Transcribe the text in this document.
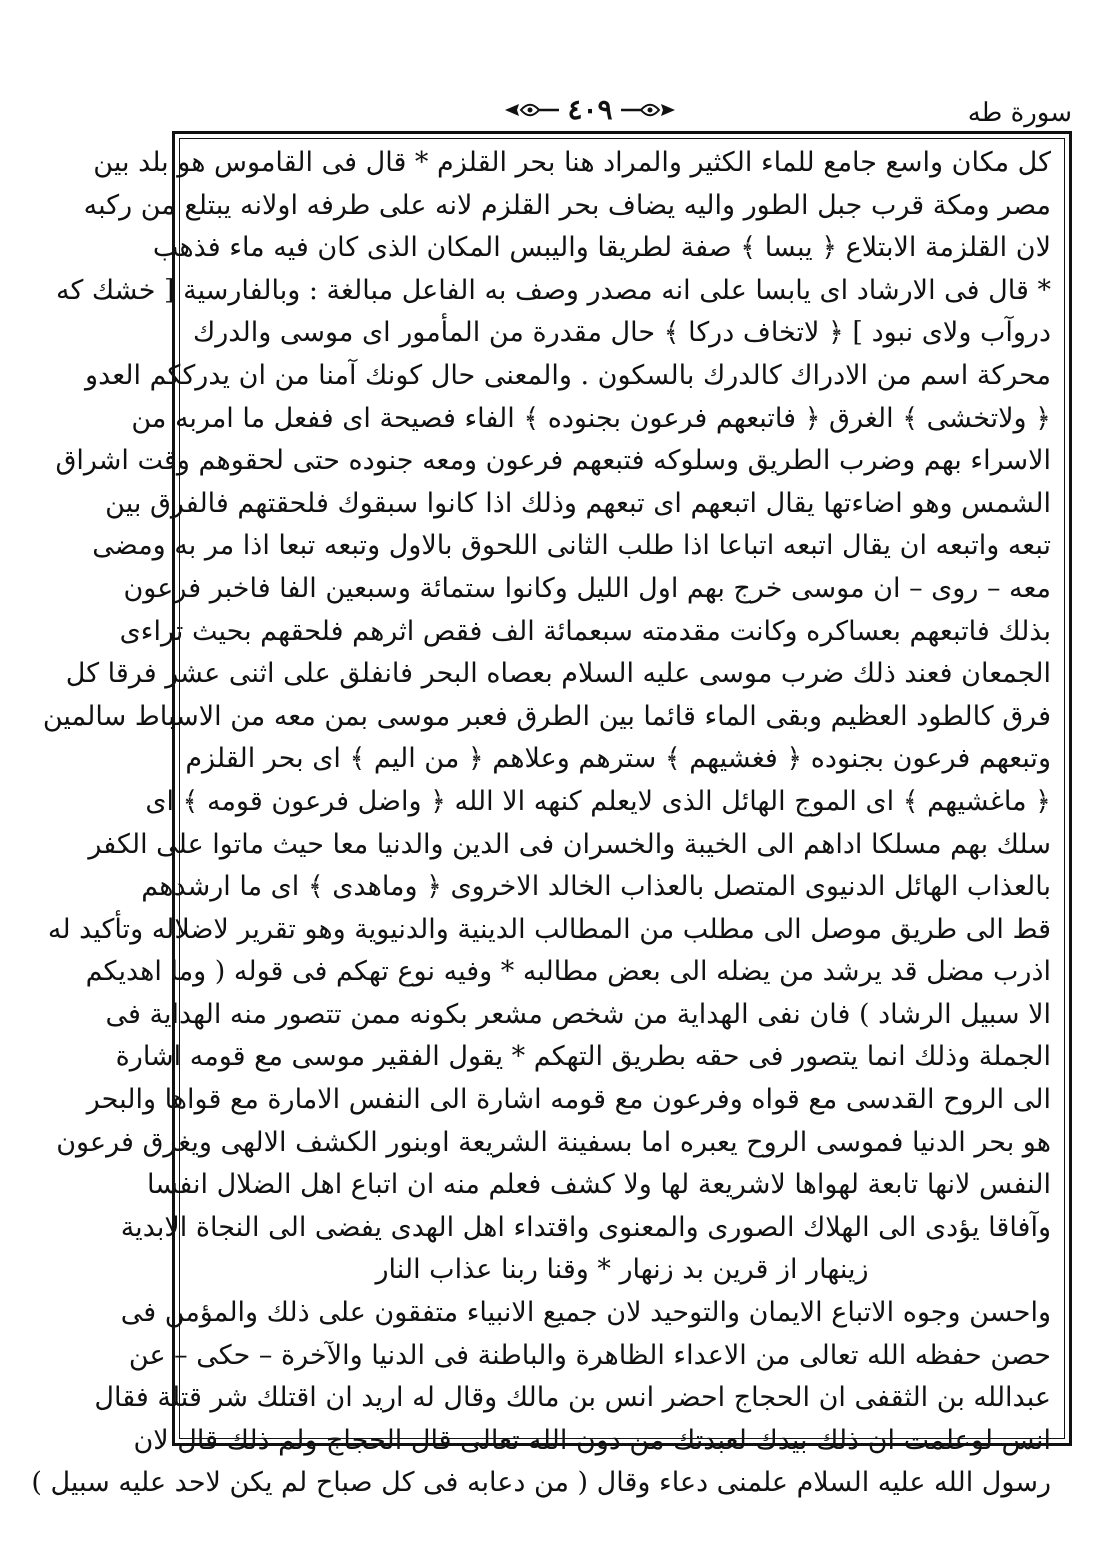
٤٠٩	سورة طه
كل مكان واسع جامع للماء الكثير والمراد هنا بحر القلزم * قال فى القاموس هو بلد بين
مصر ومكة قرب جبل الطور واليه يضاف بحر القلزم لانه على طرفه اولانه يبتلع من ركبه
لان القلزمة الابتلاع ﴿ يبسا ﴾ صفة لطريقا واليبس المكان الذى كان فيه ماء فذهب
* قال فى الارشاد اى يابسا على انه مصدر وصف به الفاعل مبالغة : وبالفارسية [ خشك كه
دروآب ولاى نبود ] ﴿ لاتخاف دركا ﴾ حال مقدرة من المأمور اى موسى والدرك
محركة اسم من الادراك كالدرك بالسكون . والمعنى حال كونك آمنا من ان يدرككم العدو
﴿ ولاتخشى ﴾ الغرق ﴿ فاتبعهم فرعون بجنوده ﴾ الفاء فصيحة اى ففعل ما امربه من
الاسراء بهم وضرب الطريق وسلوكه فتبعهم فرعون ومعه جنوده حتى لحقوهم وقت اشراق
الشمس وهو اضاءتها يقال اتبعهم اى تبعهم وذلك اذا كانوا سبقوك فلحقتهم فالفرق بين
تبعه واتبعه ان يقال اتبعه اتباعا اذا طلب الثانى اللحوق بالاول وتبعه تبعا اذا مر به ومضى
معه – روى – ان موسى خرج بهم اول الليل وكانوا ستمائة وسبعين الفا فاخبر فرعون
بذلك فاتبعهم بعساكره وكانت مقدمته سبعمائة الف فقص اثرهم فلحقهم بحيث تراءى
الجمعان فعند ذلك ضرب موسى عليه السلام بعصاه البحر فانفلق على اثنى عشر فرقا كل
فرق كالطود العظيم وبقى الماء قائما بين الطرق فعبر موسى بمن معه من الاسباط سالمين
وتبعهم فرعون بجنوده ﴿ فغشيهم ﴾ سترهم وعلاهم ﴿ من اليم ﴾ اى بحر القلزم
﴿ ماغشيهم ﴾ اى الموج الهائل الذى لايعلم كنهه الا الله ﴿ واضل فرعون قومه ﴾ اى
سلك بهم مسلكا اداهم الى الخيبة والخسران فى الدين والدنيا معا حيث ماتوا على الكفر
بالعذاب الهائل الدنيوى المتصل بالعذاب الخالد الاخروى ﴿ وماهدى ﴾ اى ما ارشدهم
قط الى طريق موصل الى مطلب من المطالب الدينية والدنيوية وهو تقرير لاضلاله وتأكيد له
اذرب مضل قد يرشد من يضله الى بعض مطالبه * وفيه نوع تهكم فى قوله ( وما اهديكم
الا سبيل الرشاد ) فان نفى الهداية من شخص مشعر بكونه ممن تتصور منه الهداية فى
الجملة وذلك انما يتصور فى حقه بطريق التهكم * يقول الفقير موسى مع قومه اشارة
الى الروح القدسى مع قواه وفرعون مع قومه اشارة الى النفس الامارة مع قواها والبحر
هو بحر الدنيا فموسى الروح يعبره اما بسفينة الشريعة اوبنور الكشف الالهى ويغرق فرعون
النفس لانها تابعة لهواها لاشريعة لها ولا كشف فعلم منه ان اتباع اهل الضلال انفسا
وآفاقا يؤدى الى الهلاك الصورى والمعنوى واقتداء اهل الهدى يفضى الى النجاة الابدية
زينهار از قرين بد زنهار * وقنا ربنا عذاب النار
واحسن وجوه الاتباع الايمان والتوحيد لان جميع الانبياء متفقون على ذلك والمؤمن فى
حصن حفظه الله تعالى من الاعداء الظاهرة والباطنة فى الدنيا والآخرة – حكى – عن
عبدالله بن الثقفى ان الحجاج احضر انس بن مالك وقال له اريد ان اقتلك شر قتلة فقال
انس لوعلمت ان ذلك بيدك لعبدتك من دون الله تعالى قال الحجاج ولم ذلك قال لان
رسول الله عليه السلام علمنى دعاء وقال ( من دعابه فى كل صباح لم يكن لاحد عليه سبيل )
